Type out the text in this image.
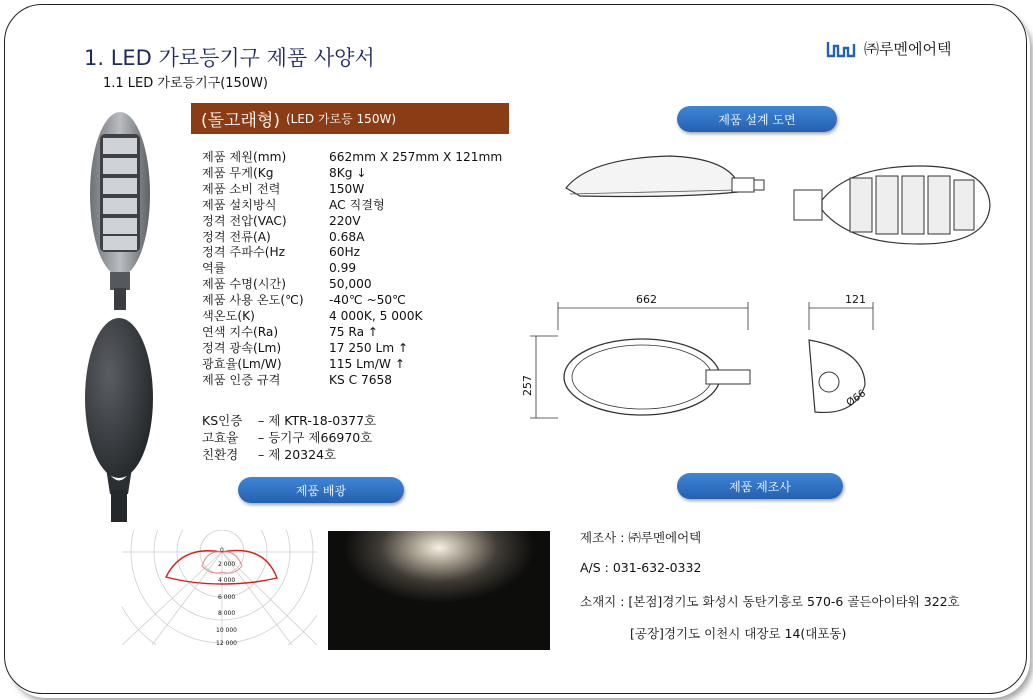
1. LED 가로등기구 제품 사양서
1.1 LED 가로등기구(150W)
㈜루멘에어텍
(돌고래형) (LED 가로등 150W)
제품 제원(mm)	662mm X 257mm X 121mm
제품 무게(Kg	8Kg ↓
제품 소비 전력	150W
제품 설치방식	AC 직결형
정격 전압(VAC)	220V
정격 전류(A)	0.68A
정격 주파수(Hz	60Hz
역률	0.99
제품 수명(시간)	50,000
제품 사용 온도(℃)	-40℃ ~50℃
색온도(K)	4 000K, 5 000K
연색 지수(Ra)	75 Ra ↑
정격 광속(Lm)	17 250 Lm ↑
광효율(Lm/W)	115 Lm/W ↑
제품 인증 규격	KS C 7658
KS인증	– 제 KTR-18-0377호
고효율	– 등기구 제66970호
친환경	– 제 20324호
제품 설계 도면
제품 배광	제품 제조사
662
257
121
Ø66
0
2 000
4 000
6 000
8 000
10 000
12 000
제조사 : ㈜루멘에어텍
A/S : 031-632-0332
소재지 : [본점]경기도 화성시 동탄기흥로 570-6 골든아이타워 322호
[공장]경기도 이천시 대장로 14(대포동)
